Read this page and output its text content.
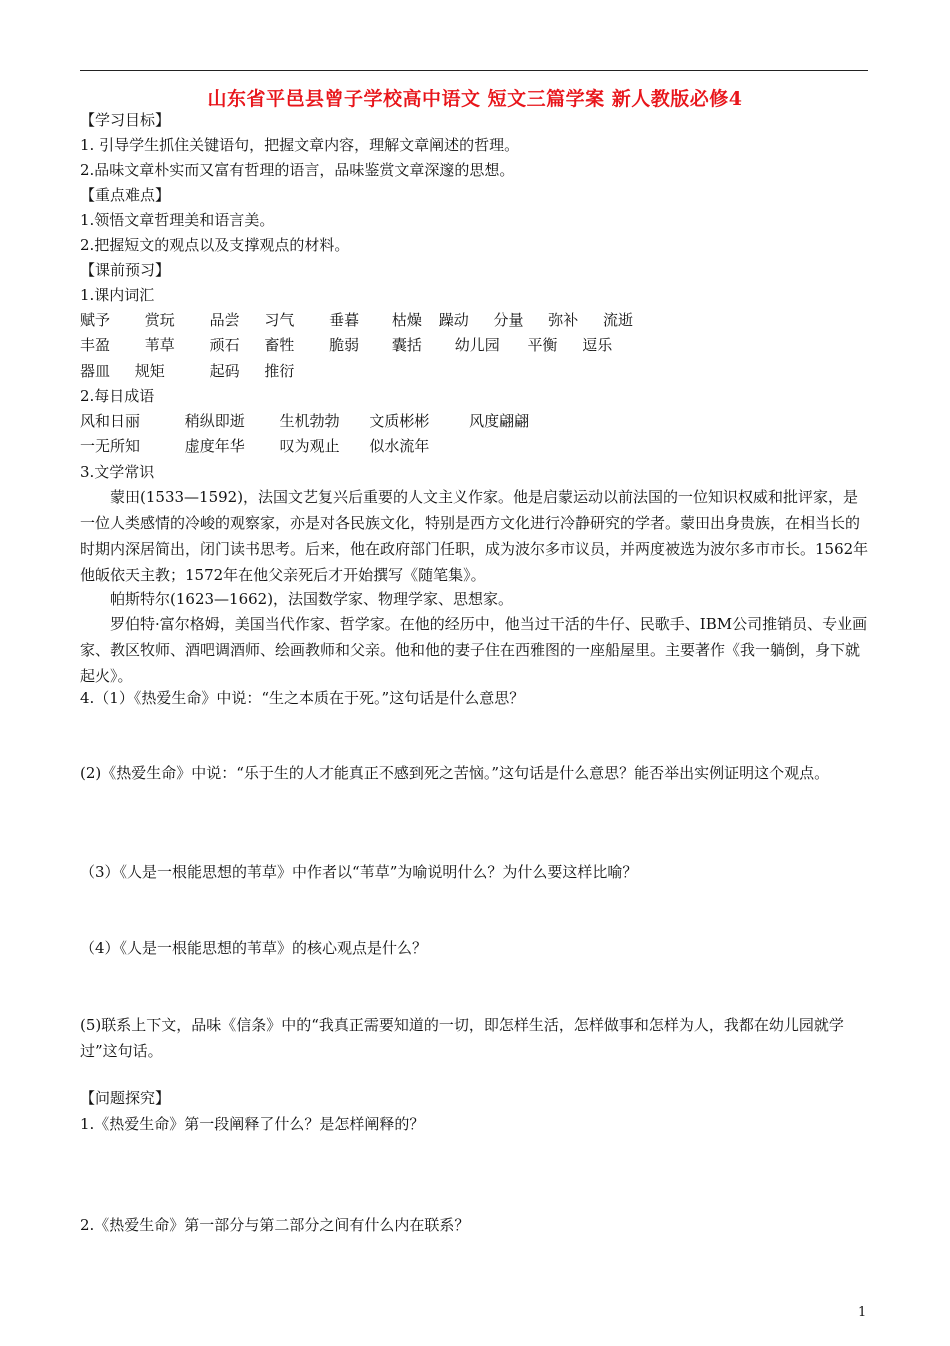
山东省平邑县曾子学校高中语文 短文三篇学案 新人教版必修4
【学习目标】
1. 引导学生抓住关键语句，把握文章内容，理解文章阐述的哲理。
2.品味文章朴实而又富有哲理的语言，品味鉴赏文章深邃的思想。
【重点难点】
1.领悟文章哲理美和语言美。
2.把握短文的观点以及支撑观点的材料。
【课前预习】
1.课内词汇
赋予 赏玩 品尝 习气 垂暮 枯燥 躁动 分量 弥补 流逝
丰盈 苇草 顽石 畜牲 脆弱 囊括 幼儿园 平衡 逗乐
器皿 规矩	起码 推衍
2.每日成语
风和日丽	稍纵即逝 生机勃勃 文质彬彬	风度翩翩
一无所知	虚度年华 叹为观止 似水流年
3.文学常识
蒙田(1533—1592)，法国文艺复兴后重要的人文主义作家。他是启蒙运动以前法国的一位知识权威和批评家，是一位人类感情的冷峻的观察家，亦是对各民族文化，特别是西方文化进行冷静研究的学者。蒙田出身贵族，在相当长的时期内深居简出，闭门读书思考。后来，他在政府部门任职，成为波尔多市议员，并两度被选为波尔多市市长。1562年他皈依天主教；1572年在他父亲死后才开始撰写《随笔集》。
帕斯特尔(1623—1662)，法国数学家、物理学家、思想家。
罗伯特·富尔格姆，美国当代作家、哲学家。在他的经历中，他当过干活的牛仔、民歌手、IBM公司推销员、专业画家、教区牧师、酒吧调酒师、绘画教师和父亲。他和他的妻子住在西雅图的一座船屋里。主要著作《我一躺倒，身下就起火》。
4.（1）《热爱生命》中说：“生之本质在于死。”这句话是什么意思？
(2)《热爱生命》中说：“乐于生的人才能真正不感到死之苦恼。”这句话是什么意思？能否举出实例证明这个观点。
（3）《人是一根能思想的苇草》中作者以“苇草”为喻说明什么？为什么要这样比喻？
（4）《人是一根能思想的苇草》的核心观点是什么？
(5)联系上下文，品味《信条》中的“我真正需要知道的一切，即怎样生活，怎样做事和怎样为人，我都在幼儿园就学过”这句话。
【问题探究】
1.《热爱生命》第一段阐释了什么？是怎样阐释的？
2.《热爱生命》第一部分与第二部分之间有什么内在联系？
1
